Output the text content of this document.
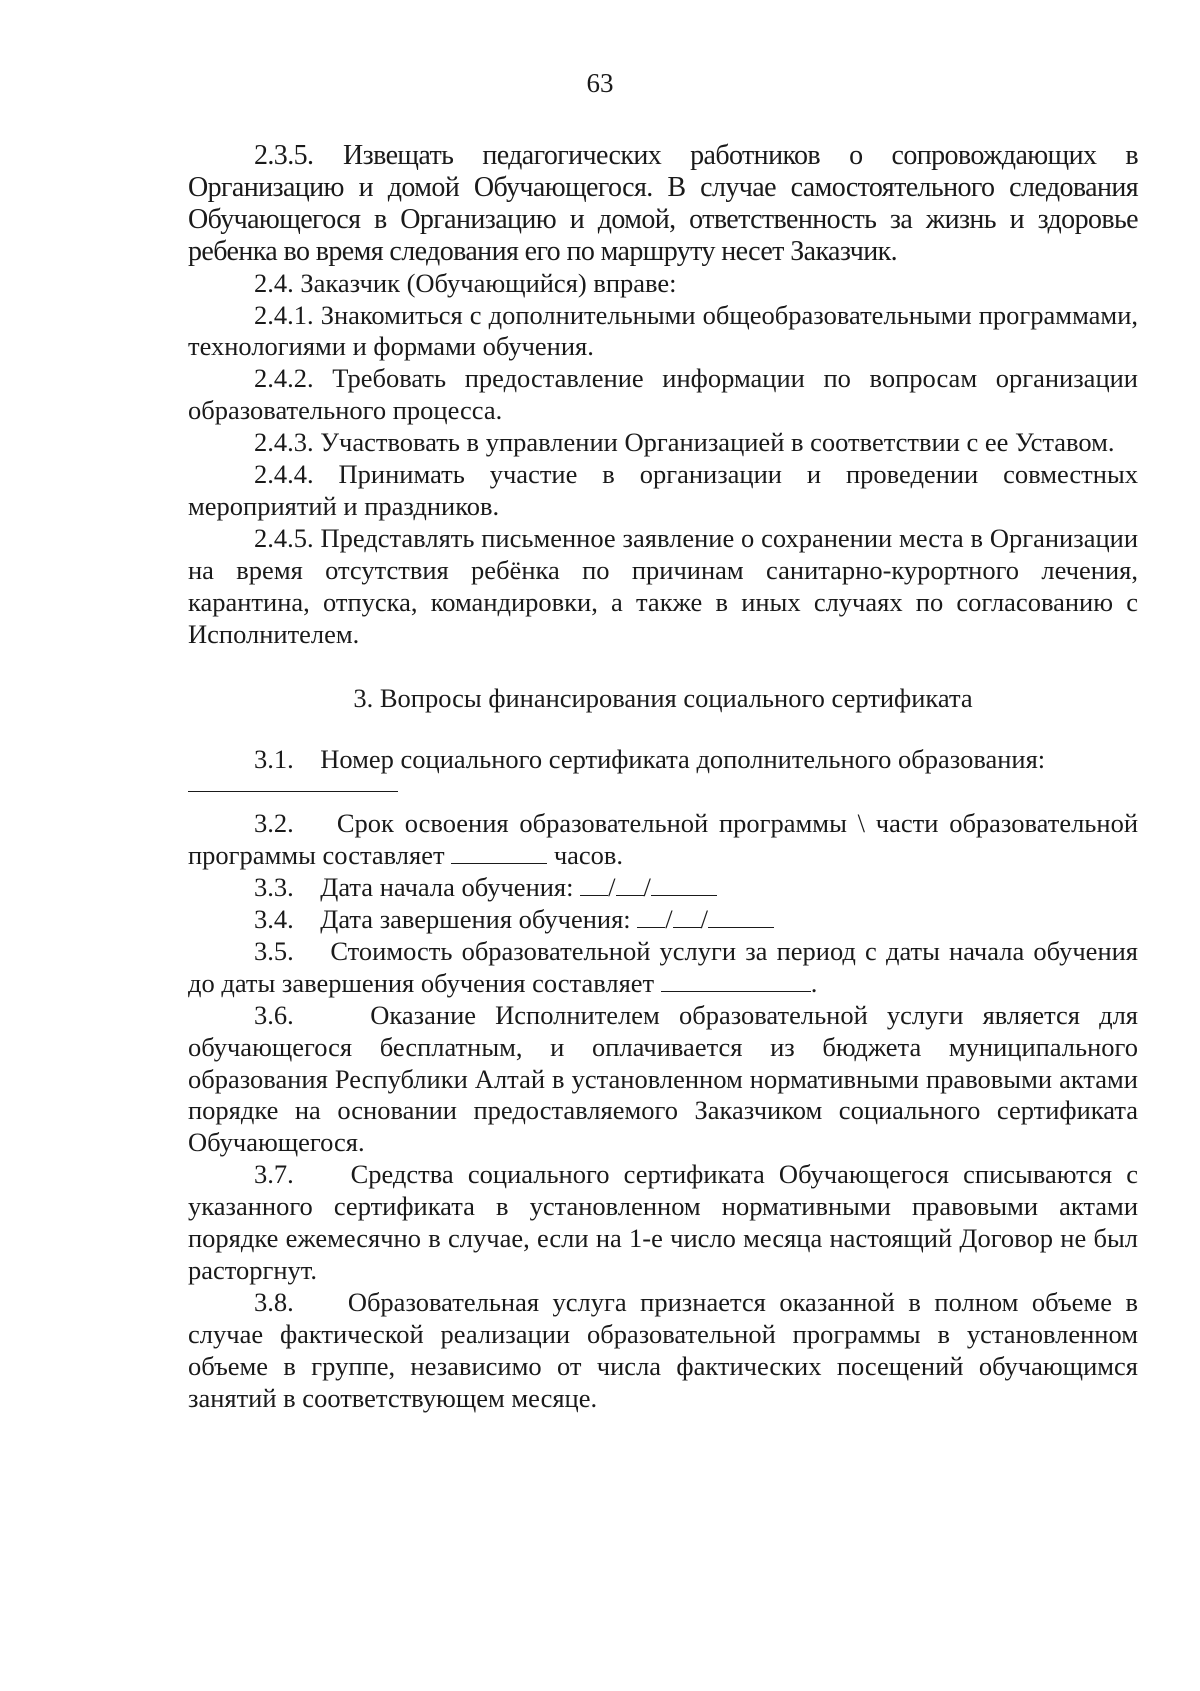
63

2.3.5. Извещать педагогических работников о сопровождающих в Организацию и домой Обучающегося. В случае самостоятельного следования Обучающегося в Организацию и домой, ответственность за жизнь и здоровье ребенка во время следования его по маршруту несет Заказчик.

2.4. Заказчик (Обучающийся) вправе:

2.4.1. Знакомиться с дополнительными общеобразовательными программами, технологиями и формами обучения.

2.4.2. Требовать предоставление информации по вопросам организации образовательного процесса.

2.4.3. Участвовать в управлении Организацией в соответствии с ее Уставом.

2.4.4. Принимать участие в организации и проведении совместных мероприятий и праздников.

2.4.5. Представлять письменное заявление о сохранении места в Организации на время отсутствия ребёнка по причинам санитарно-курортного лечения, карантина, отпуска, командировки, а также в иных случаях по согласованию с Исполнителем.

3. Вопросы финансирования социального сертификата

3.1. Номер социального сертификата дополнительного образования:

3.2. Срок освоения образовательной программы \ части образовательной программы составляет	часов.

3.3. Дата начала обучения: / /

3.4. Дата завершения обучения: / /

3.5. Стоимость образовательной услуги за период с даты начала обучения до даты завершения обучения составляет	.

3.6.	Оказание Исполнителем образовательной услуги является для обучающегося бесплатным, и оплачивается из бюджета муниципального образования Республики Алтай в установленном нормативными правовыми актами порядке на основании предоставляемого Заказчиком социального сертификата Обучающегося.

3.7. Средства социального сертификата Обучающегося списываются с указанного сертификата в установленном нормативными правовыми актами порядке ежемесячно в случае, если на 1-е число месяца настоящий Договор не был расторгнут.

3.8. Образовательная услуга признается оказанной в полном объеме в случае фактической реализации образовательной программы в установленном объеме в группе, независимо от числа фактических посещений обучающимся занятий в соответствующем месяце.
